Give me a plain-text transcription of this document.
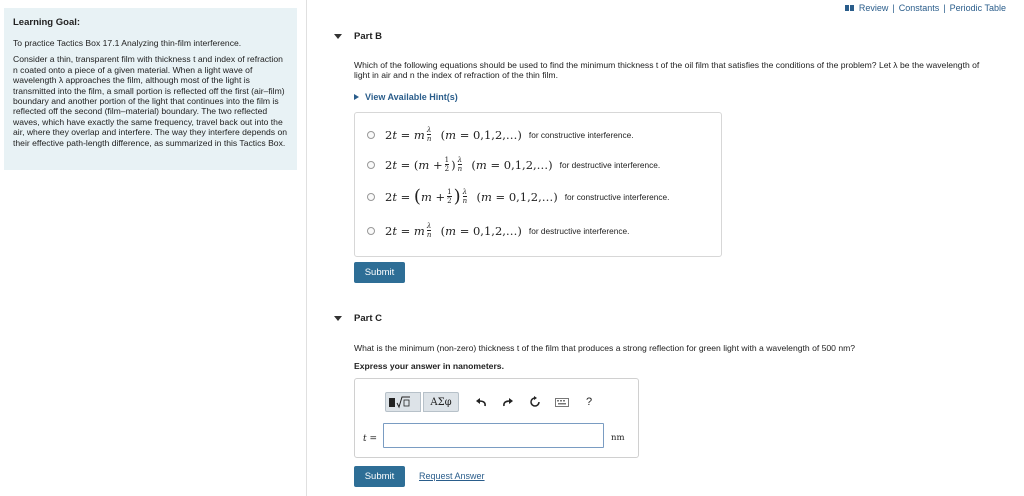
Learning Goal:
To practice Tactics Box 17.1 Analyzing thin-film interference.
Consider a thin, transparent film with thickness t and index of refraction n coated onto a piece of a given material. When a light wave of wavelength λ approaches the film, although most of the light is transmitted into the film, a small portion is reflected off the first (air–film) boundary and another portion of the light that continues into the film is reflected off the second (film–material) boundary. The two reflected waves, which have exactly the same frequency, travel back out into the air, where they overlap and interfere. The way they interfere depends on their effective path-length difference, as summarized in this Tactics Box.
Review | Constants | Periodic Table
Part B
Which of the following equations should be used to find the minimum thickness t of the oil film that satisfies the conditions of the problem? Let λ be the wavelength of light in air and n the index of refraction of the thin film.
View Available Hint(s)
2 t
=
m $\frac{\lambda}{n}$
( m = 0,1,2,…) for constructive interference.
2 t
=
( $m + \frac{1}{2}$ ) $\frac{\lambda}{n}$
( m = 0,1,2,…) for destructive interference.
2 t
=
( $m + \frac{1}{2}$ ) $\frac{\lambda}{n}$
( m = 0,1,2,…) for constructive interference.
2 t
=
m $\frac{\lambda}{n}$
( m = 0,1,2,…) for destructive interference.
Submit
Part C
What is the minimum (non-zero) thickness t of the film that produces a strong reflection for green light with a wavelength of 500 nm?
Express your answer in nanometers.
ΑΣφ	?
t =	nm
Submit	Request Answer
